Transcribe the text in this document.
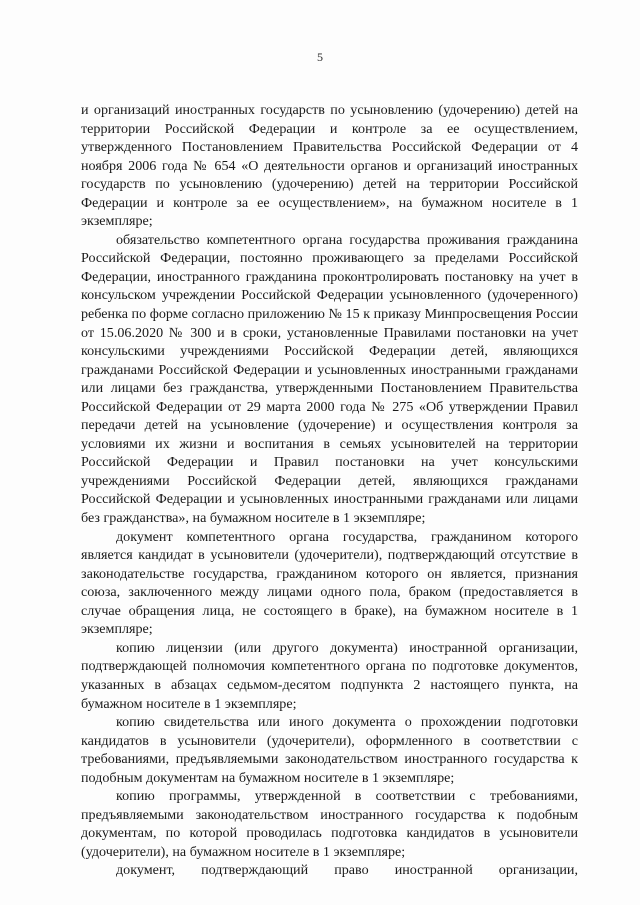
5

и организаций иностранных государств по усыновлению (удочерению) детей на территории Российской Федерации и контроле за ее осуществлением, утвержденного Постановлением Правительства Российской Федерации от 4 ноября 2006 года № 654 «О деятельности органов и организаций иностранных государств по усыновлению (удочерению) детей на территории Российской Федерации и контроле за ее осуществлением», на бумажном носителе в 1 экземпляре;

обязательство компетентного органа государства проживания гражданина Российской Федерации, постоянно проживающего за пределами Российской Федерации, иностранного гражданина проконтролировать постановку на учет в консульском учреждении Российской Федерации усыновленного (удочеренного) ребенка по форме согласно приложению № 15 к приказу Минпросвещения России от 15.06.2020 № 300 и в сроки, установленные Правилами постановки на учет консульскими учреждениями Российской Федерации детей, являющихся гражданами Российской Федерации и усыновленных иностранными гражданами или лицами без гражданства, утвержденными Постановлением Правительства Российской Федерации от 29 марта 2000 года № 275 «Об утверждении Правил передачи детей на усыновление (удочерение) и осуществления контроля за условиями их жизни и воспитания в семьях усыновителей на территории Российской Федерации и Правил постановки на учет консульскими учреждениями Российской Федерации детей, являющихся гражданами Российской Федерации и усыновленных иностранными гражданами или лицами без гражданства», на бумажном носителе в 1 экземпляре;

документ компетентного органа государства, гражданином которого является кандидат в усыновители (удочерители), подтверждающий отсутствие в законодательстве государства, гражданином которого он является, признания союза, заключенного между лицами одного пола, браком (предоставляется в случае обращения лица, не состоящего в браке), на бумажном носителе в 1 экземпляре;

копию лицензии (или другого документа) иностранной организации, подтверждающей полномочия компетентного органа по подготовке документов, указанных в абзацах седьмом-десятом подпункта 2 настоящего пункта, на бумажном носителе в 1 экземпляре;

копию свидетельства или иного документа о прохождении подготовки кандидатов в усыновители (удочерители), оформленного в соответствии с требованиями, предъявляемыми законодательством иностранного государства к подобным документам на бумажном носителе в 1 экземпляре;

копию программы, утвержденной в соответствии с требованиями, предъявляемыми законодательством иностранного государства к подобным документам, по которой проводилась подготовка кандидатов в усыновители (удочерители), на бумажном носителе в 1 экземпляре;

документ, подтверждающий право иностранной организации,
